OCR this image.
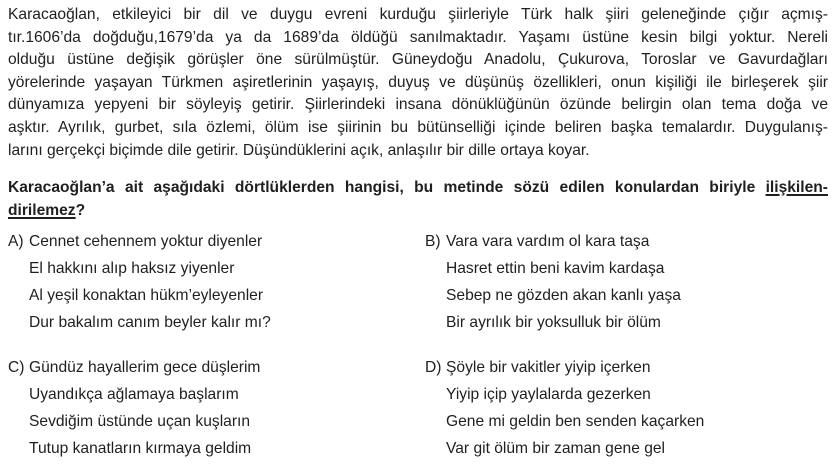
Karacaoğlan, etkileyici bir dil ve duygu evreni kurduğu şiirleriyle Türk halk şiiri geleneğinde çığır açmış-
tır.1606’da doğduğu,1679’da ya da 1689’da öldüğü sanılmaktadır. Yaşamı üstüne kesin bilgi yoktur. Nereli
olduğu üstüne değişik görüşler öne sürülmüştür. Güneydoğu Anadolu, Çukurova, Toroslar ve Gavurdağları
yörelerinde yaşayan Türkmen aşiretlerinin yaşayış, duyuş ve düşünüş özellikleri, onun kişiliği ile birleşerek şiir
dünyamıza yepyeni bir söyleyiş getirir. Şiirlerindeki insana dönüklüğünün özünde belirgin olan tema doğa ve
aşktır. Ayrılık, gurbet, sıla özlemi, ölüm ise şiirinin bu bütünselliği içinde beliren başka temalardır. Duygulanış-
larını gerçekçi biçimde dile getirir. Düşündüklerini açık, anlaşılır bir dille ortaya koyar.
Karacaoğlan’a ait aşağıdaki dörtlüklerden hangisi, bu metinde sözü edilen konulardan biriyle ilişkilen-
dirilemez?
A) Cennet cehennem yoktur diyenler
El hakkını alıp haksız yiyenler
Al yeşil konaktan hükm’eyleyenler
Dur bakalım canım beyler kalır mı?
B) Vara vara vardım ol kara taşa
Hasret ettin beni kavim kardaşa
Sebep ne gözden akan kanlı yaşa
Bir ayrılık bir yoksulluk bir ölüm
C) Gündüz hayallerim gece düşlerim
Uyandıkça ağlamaya başlarım
Sevdiğim üstünde uçan kuşların
Tutup kanatların kırmaya geldim
D) Şöyle bir vakitler yiyip içerken
Yiyip içip yaylalarda gezerken
Gene mi geldin ben senden kaçarken
Var git ölüm bir zaman gene gel
